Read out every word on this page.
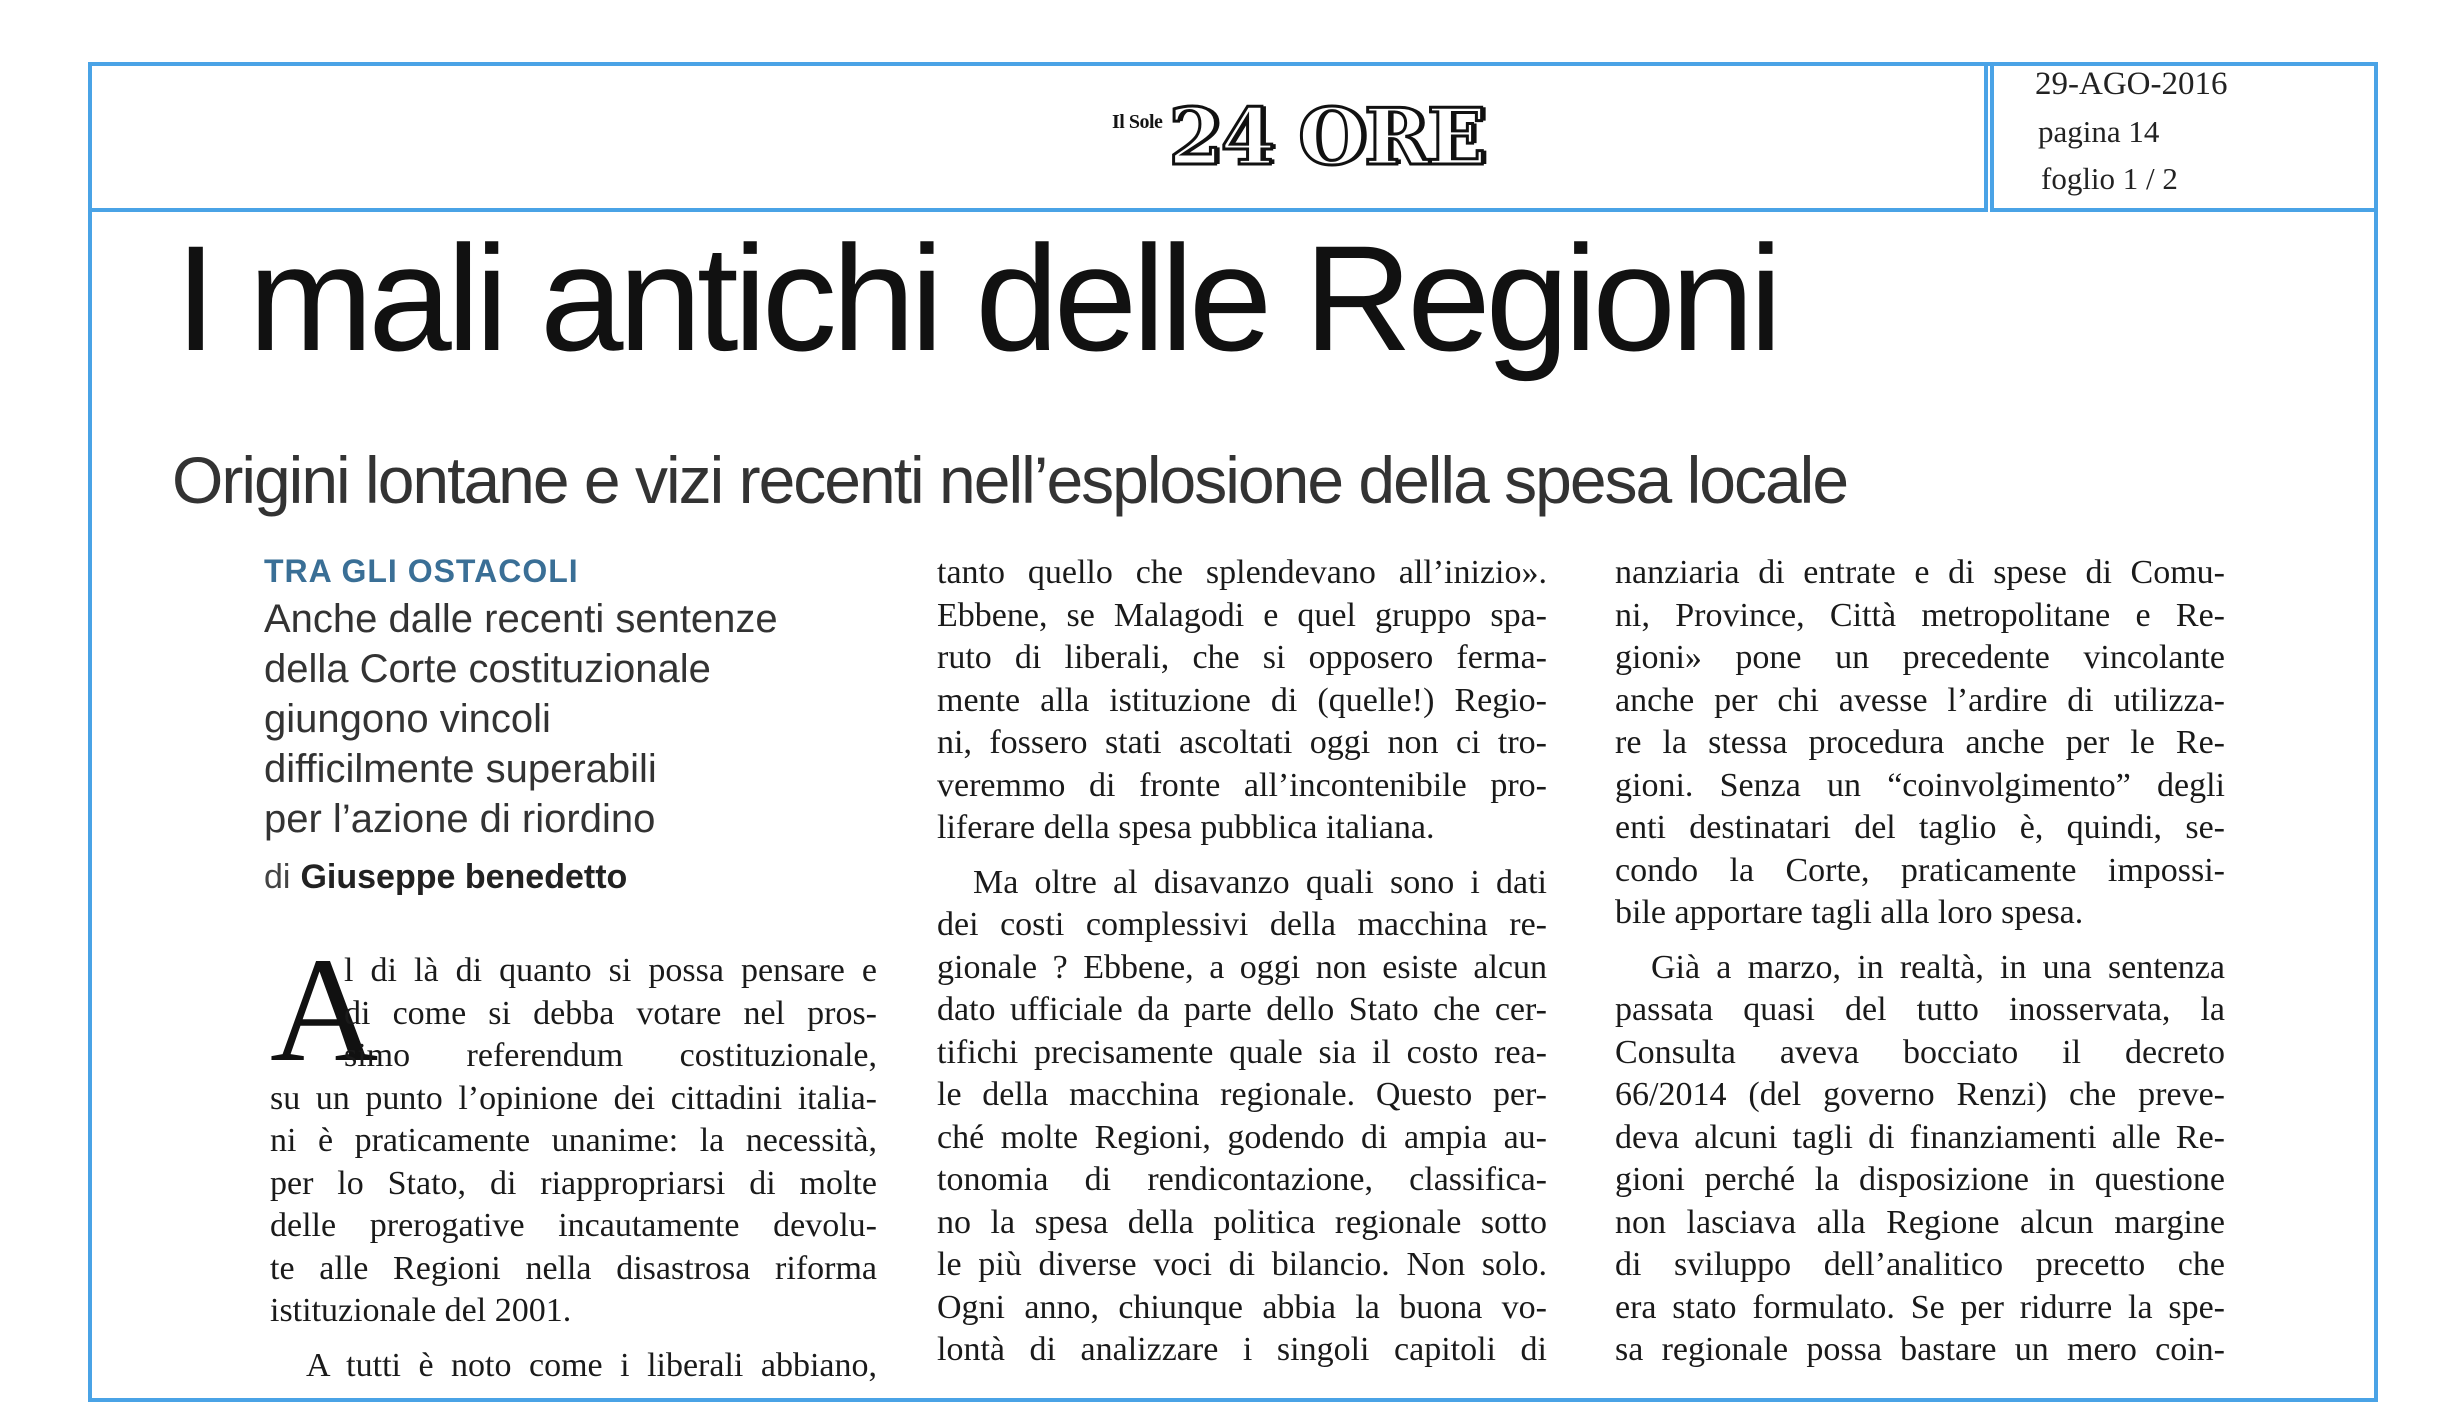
Il Sole 24 ORE
29-AGO-2016
pagina 14
foglio 1 / 2
I mali antichi delle Regioni
Origini lontane e vizi recenti nell’esplosione della spesa locale
TRA GLI OSTACOLI
Anche dalle recenti sentenze
della Corte costituzionale
giungono vincoli
difficilmente superabili
per l’azione di riordino
di Giuseppe benedetto
A
l di là di quanto si possa pensare e
di come si debba votare nel pros-
simo referendum costituzionale,
su un punto l’opinione dei cittadini italia-
ni è praticamente unanime: la necessità,
per lo Stato, di riappropriarsi di molte
delle prerogative incautamente devolu-
te alle Regioni nella disastrosa riforma
istituzionale del 2001.
A tutti è noto come i liberali abbiano,
tanto quello che splendevano all’inizio».
Ebbene, se Malagodi e quel gruppo spa-
ruto di liberali, che si opposero ferma-
mente alla istituzione di (quelle!) Regio-
ni, fossero stati ascoltati oggi non ci tro-
veremmo di fronte all’incontenibile pro-
liferare della spesa pubblica italiana.
Ma oltre al disavanzo quali sono i dati
dei costi complessivi della macchina re-
gionale ? Ebbene, a oggi non esiste alcun
dato ufficiale da parte dello Stato che cer-
tifichi precisamente quale sia il costo rea-
le della macchina regionale. Questo per-
ché molte Regioni, godendo di ampia au-
tonomia di rendicontazione, classifica-
no la spesa della politica regionale sotto
le più diverse voci di bilancio. Non solo.
Ogni anno, chiunque abbia la buona vo-
lontà di analizzare i singoli capitoli di
nanziaria di entrate e di spese di Comu-
ni, Province, Città metropolitane e Re-
gioni» pone un precedente vincolante
anche per chi avesse l’ardire di utilizza-
re la stessa procedura anche per le Re-
gioni. Senza un “coinvolgimento” degli
enti destinatari del taglio è, quindi, se-
condo la Corte, praticamente impossi-
bile apportare tagli alla loro spesa.
Già a marzo, in realtà, in una sentenza
passata quasi del tutto inosservata, la
Consulta aveva bocciato il decreto
66/2014 (del governo Renzi) che preve-
deva alcuni tagli di finanziamenti alle Re-
gioni perché la disposizione in questione
non lasciava alla Regione alcun margine
di sviluppo dell’analitico precetto che
era stato formulato. Se per ridurre la spe-
sa regionale possa bastare un mero coin-
